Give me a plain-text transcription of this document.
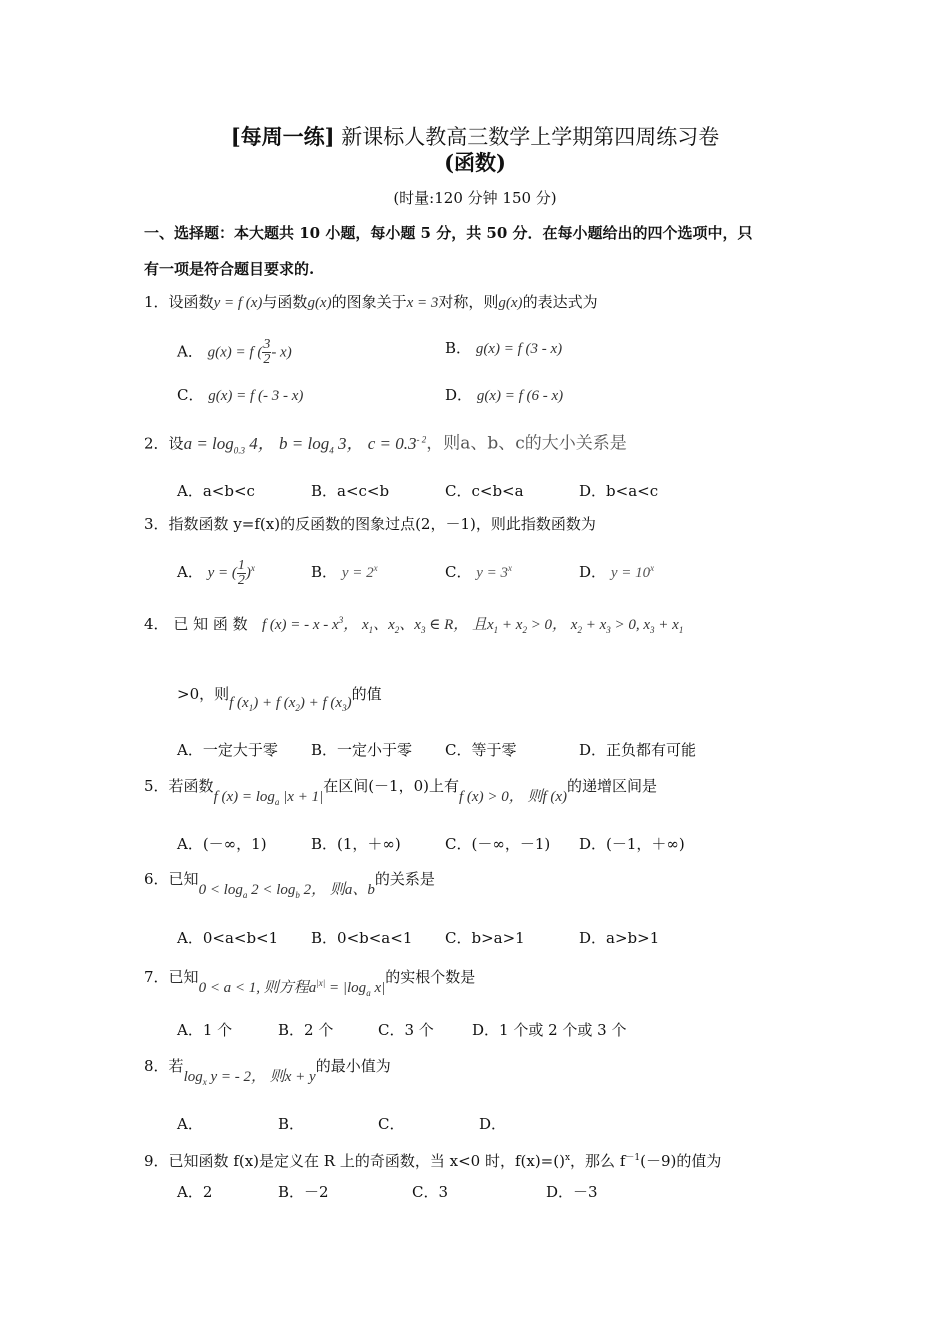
[每周一练] 新课标人教高三数学上学期第四周练习卷
(函数)
(时量:120 分钟 150 分)
一、选择题：本大题共 10 小题，每小题 5 分，共 50 分．在每小题给出的四个选项中，只
有一项是符合题目要求的.
1．设函数y = f (x)与函数g(x)的图象关于x = 3对称，则g(x)的表达式为
A． g(x) = f ( $\frac{3}{2} - x$)	B． g(x) = f (3 - x)
C． g(x) = f (- 3 - x)	D． g(x) = f (6 - x)
2．设$a = \log_{0.3} 4$， $b = \log_4 3$， $c = 0.3^{- 2}$，则a、b、c的大小关系是
A．a<b<c	B．a<c<b	C．c<b<a	D．b<a<c
3．指数函数 y=f(x)的反函数的图象过点(2，－1)，则此指数函数为
A． y = ( $\frac{1}{2} )^x$	B． $y = 2^x$	C． $y = 3^x$	D． $y = 10^x$
4． 已 知 函 数 f (x) = - x - $x^3$， $x_1$、$x_2$、$x_3$ ∈ R， 且$x_1 + x_2 > 0$， $x_2 + x_3 > 0$, $x_3 + x_1$
>0，则f $(x_1) + f$ $(x_2) + f$ $(x_3)$的值
A．一定大于零 B．一定小于零 C．等于零	D．正负都有可能
5．若函数f $(x) = \log_a |x + 1|$在区间(－1，0)上有f (x) > 0， 则f (x)的递增区间是
A．(－∞，1)	B．(1，＋∞)	C．(－∞，－1) D．(－1，＋∞)
6．已知$0 < \log_a 2 < \log_b 2$， 则a、b的关系是
A．0<a<b<1 B．0<b<a<1 C．b>a>1	D．a>b>1
7．已知0 < a < 1, 则方程$a^{|x|} = |\log_a$ x|的实根个数是
A．1 个	B．2 个	C．3 个	D．1 个或 2 个或 3 个
8．若$\log_x y$ = - 2， 则x + y的最小值为
A．	B．	C．	D．
9．已知函数 f(x)是定义在 R 上的奇函数，当 x<0 时，f(x)=()$^x$，那么 $f^{-1}(-9)$的值为
A．2	B．－2	C．3	D．－3
